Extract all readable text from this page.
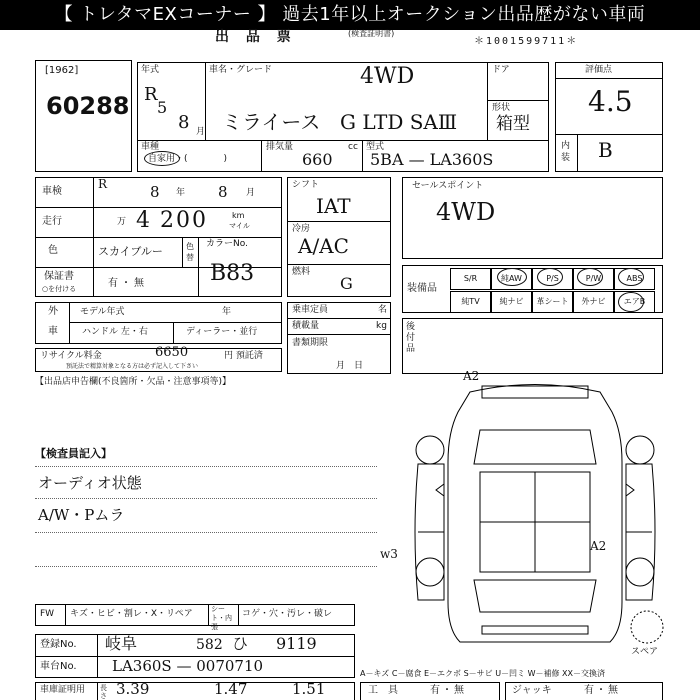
【 トレタマEXコーナー 】 過去1年以上オークション出品歴がない車両
出 品 票	(検査証明書)
＊1001599711＊
[1962]
60288
年式
R
5
8 月
車名・グレード	4WD
ミライース G LTD SAⅢ
ドア
形状
箱型
車種
自家用・(　　　　)
排気量
660
cc 型式
5BA — LA360S
評価点
4.5
内装 B
車検
R	8 年 8 月
走行	万 4 200	km
マイル
色	スカイブルー	色替
カラーNo.
B83
保証書
○を付ける	有・無
シフト
IAT
冷房
A/AC
燃料
G
乗車定員	名
積載量	kg
書類期限
月　日
外
車
モデル年式	年
ハンドル 左・右	ディーラー・並行
リサイクル料金	6650	円 預託済
預託法で精算対象となる方は必ず記入して下さい
セールスポイント
4WD
装備品
S/R	純AW	P/S	P/W	ABS
純TV	純ナビ	革シート	外ナビ	エアB
後付品
【出品店申告欄(不良箇所・欠品・注意事項等)】
【検査員記入】
オーディオ状態
A/W・Pムラ
A2
w3
A2
スペア
FW キズ・ヒビ・割レ・X・リペア	シート・内張
コゲ・穴・汚レ・破レ
登録No. 岐阜	582 ひ 9119
車台No. LA360S — 0070710	A－キズ C－腐食 E－エクボ S－サビ U－凹ミ W－補修 XX－交換済
車庫証明用 長さ 3.39	1.47	1.51	工　具	有・無	ジャッキ	有・無
